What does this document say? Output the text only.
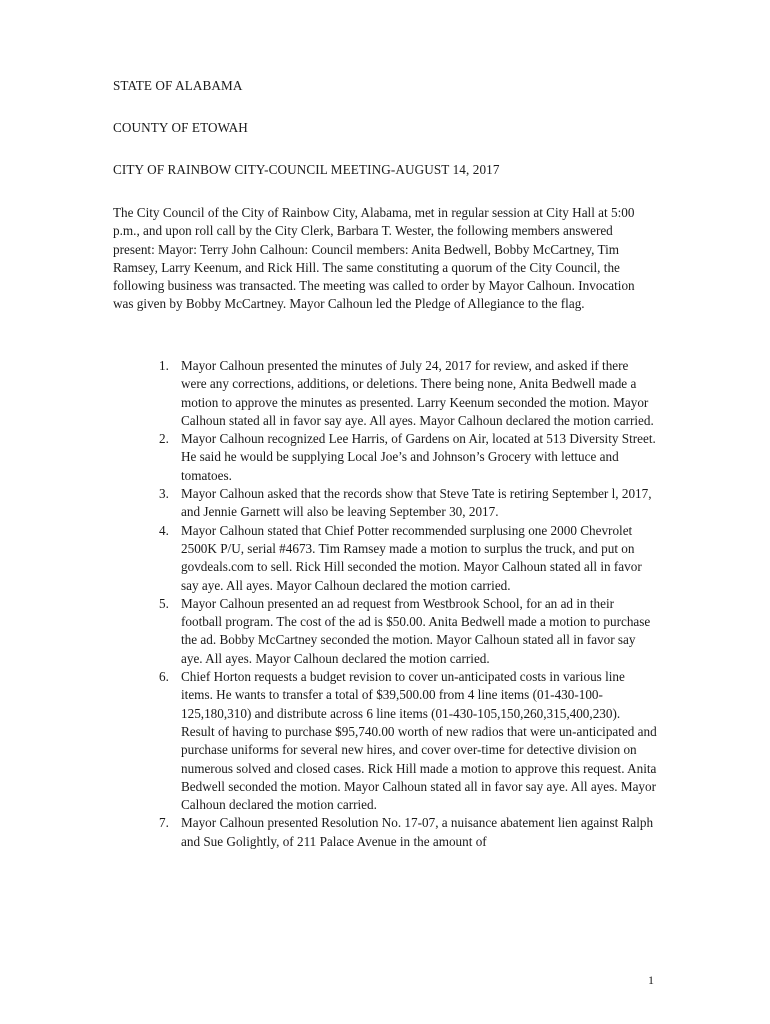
STATE OF ALABAMA
COUNTY OF ETOWAH
CITY OF RAINBOW CITY-COUNCIL MEETING-AUGUST 14, 2017

The City Council of the City of Rainbow City, Alabama, met in regular session at City Hall at 5:00 p.m., and upon roll call by the City Clerk, Barbara T. Wester, the following members answered present: Mayor: Terry John Calhoun: Council members: Anita Bedwell, Bobby McCartney, Tim Ramsey, Larry Keenum, and Rick Hill. The same constituting a quorum of the City Council, the following business was transacted. The meeting was called to order by Mayor Calhoun. Invocation was given by Bobby McCartney. Mayor Calhoun led the Pledge of Allegiance to the flag.

1. Mayor Calhoun presented the minutes of July 24, 2017 for review, and asked if there were any corrections, additions, or deletions. There being none, Anita Bedwell made a motion to approve the minutes as presented. Larry Keenum seconded the motion. Mayor Calhoun stated all in favor say aye. All ayes. Mayor Calhoun declared the motion carried.
2. Mayor Calhoun recognized Lee Harris, of Gardens on Air, located at 513 Diversity Street. He said he would be supplying Local Joe’s and Johnson’s Grocery with lettuce and tomatoes.
3. Mayor Calhoun asked that the records show that Steve Tate is retiring September l, 2017, and Jennie Garnett will also be leaving September 30, 2017.
4. Mayor Calhoun stated that Chief Potter recommended surplusing one 2000 Chevrolet 2500K P/U, serial #4673. Tim Ramsey made a motion to surplus the truck, and put on govdeals.com to sell. Rick Hill seconded the motion. Mayor Calhoun stated all in favor say aye. All ayes. Mayor Calhoun declared the motion carried.
5. Mayor Calhoun presented an ad request from Westbrook School, for an ad in their football program. The cost of the ad is $50.00. Anita Bedwell made a motion to purchase the ad. Bobby McCartney seconded the motion. Mayor Calhoun stated all in favor say aye. All ayes. Mayor Calhoun declared the motion carried.
6. Chief Horton requests a budget revision to cover un-anticipated costs in various line items. He wants to transfer a total of $39,500.00 from 4 line items (01-430-100-125,180,310) and distribute across 6 line items (01-430-105,150,260,315,400,230). Result of having to purchase $95,740.00 worth of new radios that were un-anticipated and purchase uniforms for several new hires, and cover over-time for detective division on numerous solved and closed cases. Rick Hill made a motion to approve this request. Anita Bedwell seconded the motion. Mayor Calhoun stated all in favor say aye. All ayes. Mayor Calhoun declared the motion carried.
7. Mayor Calhoun presented Resolution No. 17-07, a nuisance abatement lien against Ralph and Sue Golightly, of 211 Palace Avenue in the amount of
1
